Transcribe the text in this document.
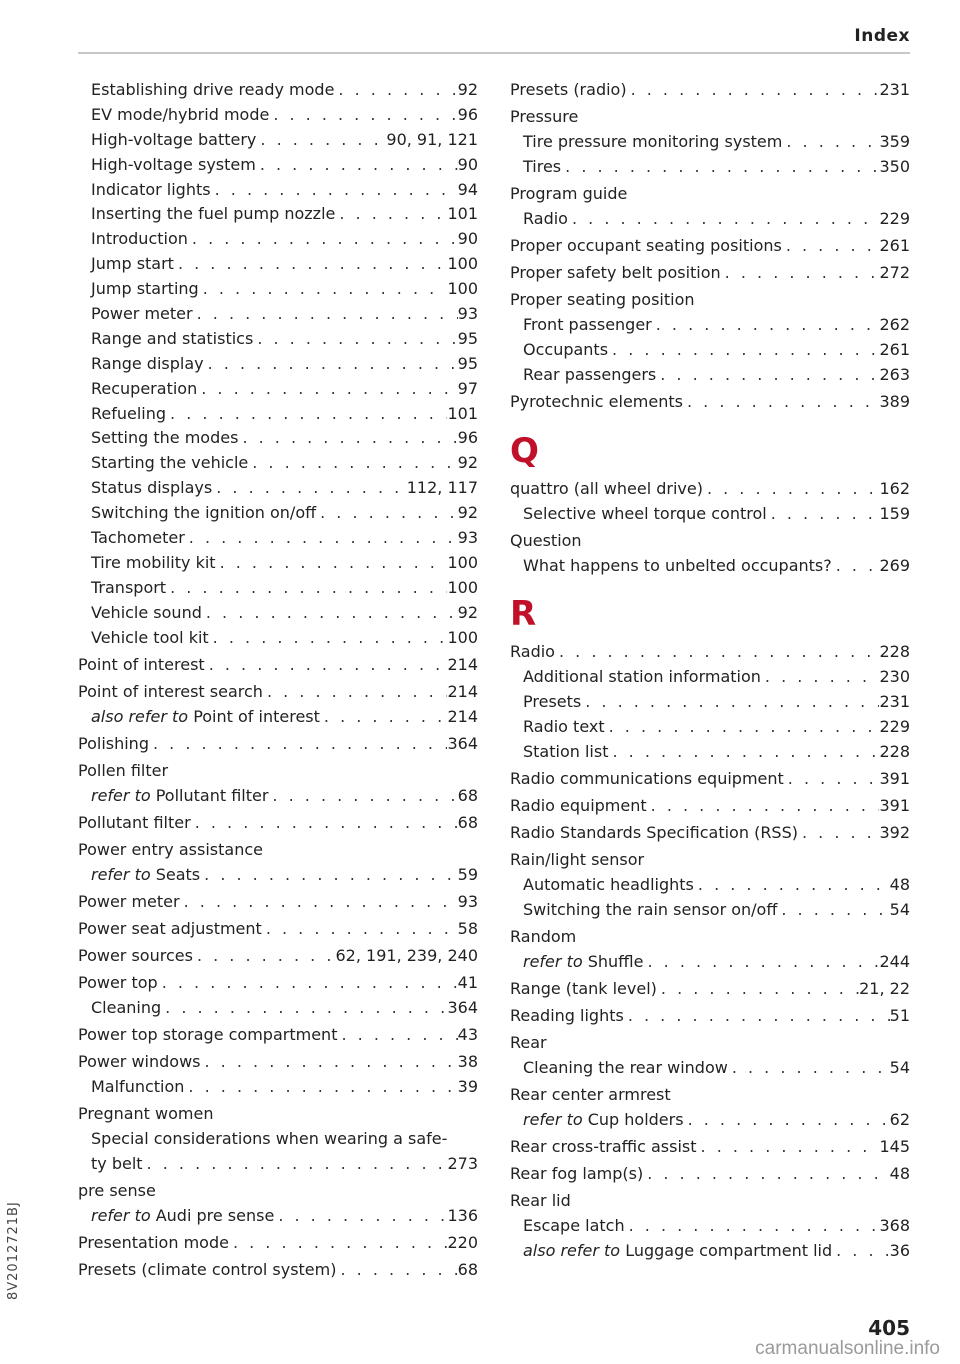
Index
Establishing drive ready mode . . .	92
EV mode/hybrid mode . . .	96
High-voltage battery . . .	90, 91, 121
High-voltage system . . .	90
Indicator lights . . .	94
Inserting the fuel pump nozzle . . .	101
Introduction . . .	90
Jump start . . .	100
Jump starting . . .	100
Power meter . . .	93
Range and statistics . . .	95
Range display . . .	95
Recuperation . . .	97
Refueling . . .	101
Setting the modes . . .	96
Starting the vehicle . . .	92
Status displays . . .	112, 117
Switching the ignition on/off . . .	92
Tachometer . . .	93
Tire mobility kit . . .	100
Transport . . .	100
Vehicle sound . . .	92
Vehicle tool kit . . .	100
Point of interest . . .	214
Point of interest search . . .	214
also refer to Point of interest . . .	214
Polishing . . .	364
Pollen filter
refer to Pollutant filter . . .	68
Pollutant filter . . .	68
Power entry assistance
refer to Seats . . .	59
Power meter . . .	93
Power seat adjustment . . .	58
Power sources . . .	62, 191, 239, 240
Power top . . .	41
Cleaning . . .	364
Power top storage compartment . . .	43
Power windows . . .	38
Malfunction . . .	39
Pregnant women
Special considerations when wearing a safe-
ty belt . . .	273
pre sense
refer to Audi pre sense . . .	136
Presentation mode . . .	220
Presets (climate control system) . . .	68
Presets (radio) . . .	231
Pressure
Tire pressure monitoring system . . .	359
Tires . . .	350
Program guide
Radio . . .	229
Proper occupant seating positions . . .	261
Proper safety belt position . . .	272
Proper seating position
Front passenger . . .	262
Occupants . . .	261
Rear passengers . . .	263
Pyrotechnic elements . . .	389
Q
quattro (all wheel drive) . . .	162
Selective wheel torque control . . .	159
Question
What happens to unbelted occupants? . . .	269
R
Radio . . .	228
Additional station information . . .	230
Presets . . .	231
Radio text . . .	229
Station list . . .	228
Radio communications equipment . . .	391
Radio equipment . . .	391
Radio Standards Specification (RSS) . . .	392
Rain/light sensor
Automatic headlights . . .	48
Switching the rain sensor on/off . . .	54
Random
refer to Shuffle . . .	244
Range (tank level) . . .	21, 22
Reading lights . . .	51
Rear
Cleaning the rear window . . .	54
Rear center armrest
refer to Cup holders . . .	62
Rear cross-traffic assist . . .	145
Rear fog lamp(s) . . .	48
Rear lid
Escape latch . . .	368
also refer to Luggage compartment lid . . .	36
8V2012721BJ
405
carmanualsonline.info
